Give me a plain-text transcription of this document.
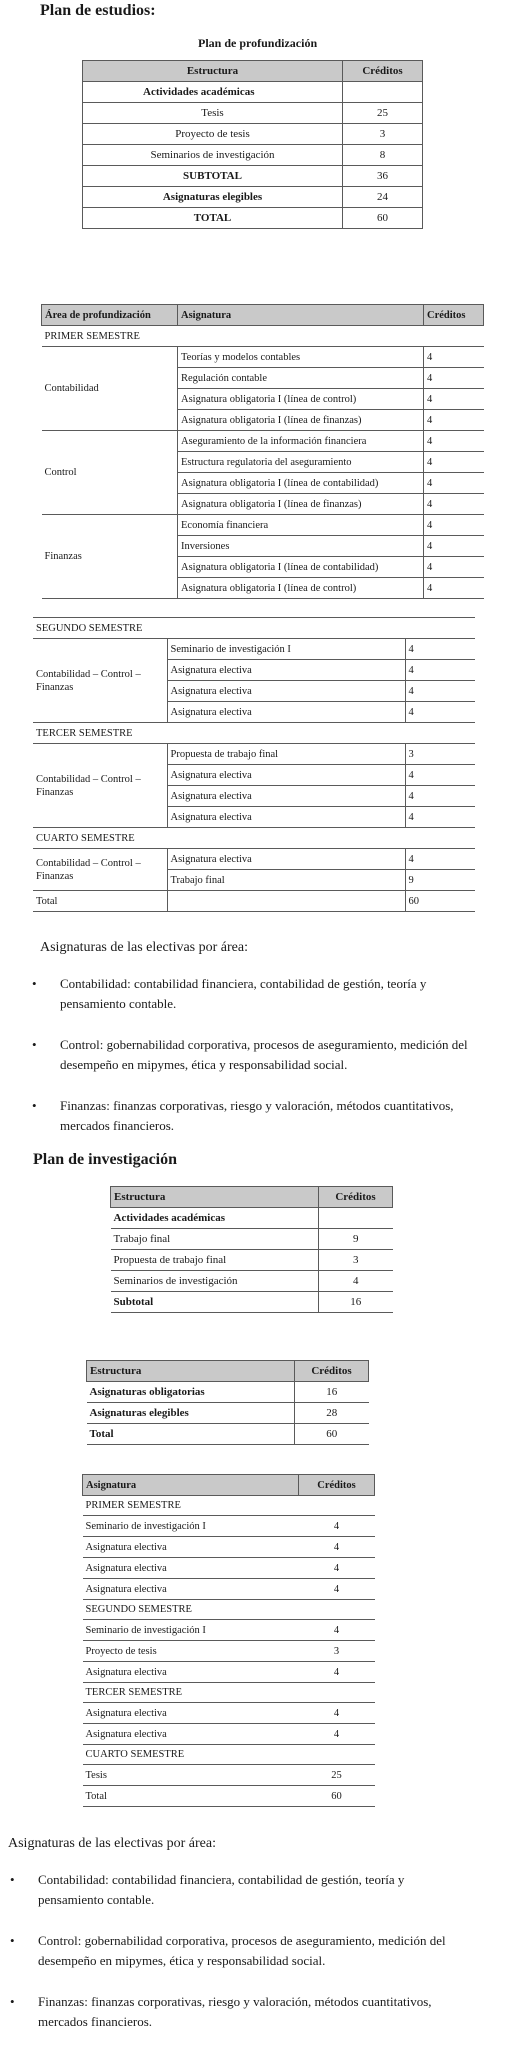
Plan de estudios:
Plan de profundización
Estructura	Créditos
Actividades académicas	
Tesis	25
Proyecto de tesis	3
Seminarios de investigación	8
SUBTOTAL	36
Asignaturas elegibles	24
TOTAL	60
Área de profundización	Asignatura	Créditos
PRIMER SEMESTRE		
Contabilidad	Teorías y modelos contables	4
	Regulación contable	4
	Asignatura obligatoria I (línea de control)	4
	Asignatura obligatoria I (línea de finanzas)	4
Control	Aseguramiento de la información financiera	4
	Estructura regulatoria del aseguramiento	4
	Asignatura obligatoria I (línea de contabilidad)	4
	Asignatura obligatoria I (línea de finanzas)	4
Finanzas	Economía financiera	4
	Inversiones	4
	Asignatura obligatoria I (línea de contabilidad)	4
	Asignatura obligatoria I (línea de control)	4
SEGUNDO SEMESTRE		
Contabilidad – Control – Finanzas	Seminario de investigación I	4
	Asignatura electiva	4
	Asignatura electiva	4
	Asignatura electiva	4
TERCER SEMESTRE		
Contabilidad – Control – Finanzas	Propuesta de trabajo final	3
	Asignatura electiva	4
	Asignatura electiva	4
	Asignatura electiva	4
CUARTO SEMESTRE		
Contabilidad – Control – Finanzas	Asignatura electiva	4
	Trabajo final	9
Total		60

Asignaturas de las electivas por área:

• Contabilidad: contabilidad financiera, contabilidad de gestión, teoría y pensamiento contable.
• Control: gobernabilidad corporativa, procesos de aseguramiento, medición del desempeño en mipymes, ética y responsabilidad social.
• Finanzas: finanzas corporativas, riesgo y valoración, métodos cuantitativos, mercados financieros.
Plan de investigación
Estructura	Créditos
Actividades académicas	
Trabajo final	9
Propuesta de trabajo final	3
Seminarios de investigación	4
Subtotal	16
Estructura	Créditos
Asignaturas obligatorias	16
Asignaturas elegibles	28
Total	60
Asignatura	Créditos
PRIMER SEMESTRE	
Seminario de investigación I	4
Asignatura electiva	4
Asignatura electiva	4
Asignatura electiva	4
SEGUNDO SEMESTRE	
Seminario de investigación I	4
Proyecto de tesis	3
Asignatura electiva	4
TERCER SEMESTRE	
Asignatura electiva	4
Asignatura electiva	4
CUARTO SEMESTRE	
Tesis	25
Total	60

Asignaturas de las electivas por área:

• Contabilidad: contabilidad financiera, contabilidad de gestión, teoría y pensamiento contable.
• Control: gobernabilidad corporativa, procesos de aseguramiento, medición del desempeño en mipymes, ética y responsabilidad social.
• Finanzas: finanzas corporativas, riesgo y valoración, métodos cuantitativos, mercados financieros.
